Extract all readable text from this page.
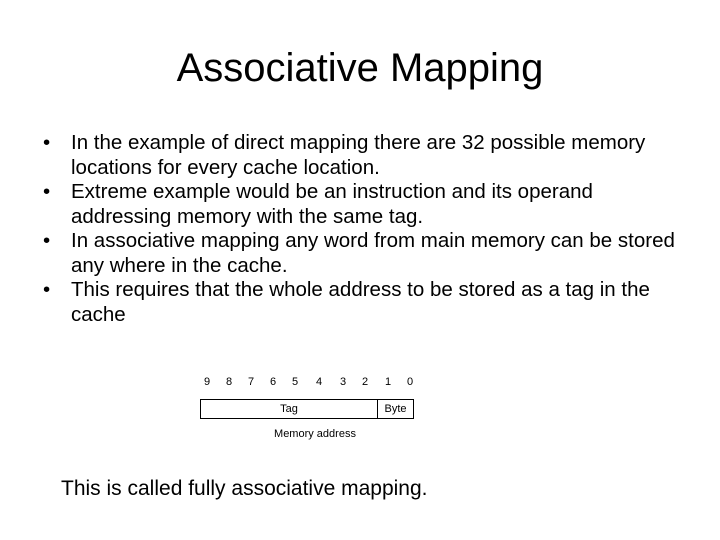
Associative Mapping
•	In the example of direct mapping there are 32 possible memory locations for every cache location.
•	Extreme example would be an instruction and its operand addressing memory with the same tag.
•	In associative mapping any word from main memory can be stored any where in the cache.
•	This requires that the whole address to be stored as a tag in the cache
9	8	7	6	5	4	3	2	1	0
Tag	Byte
Memory address
This is called fully associative mapping.
